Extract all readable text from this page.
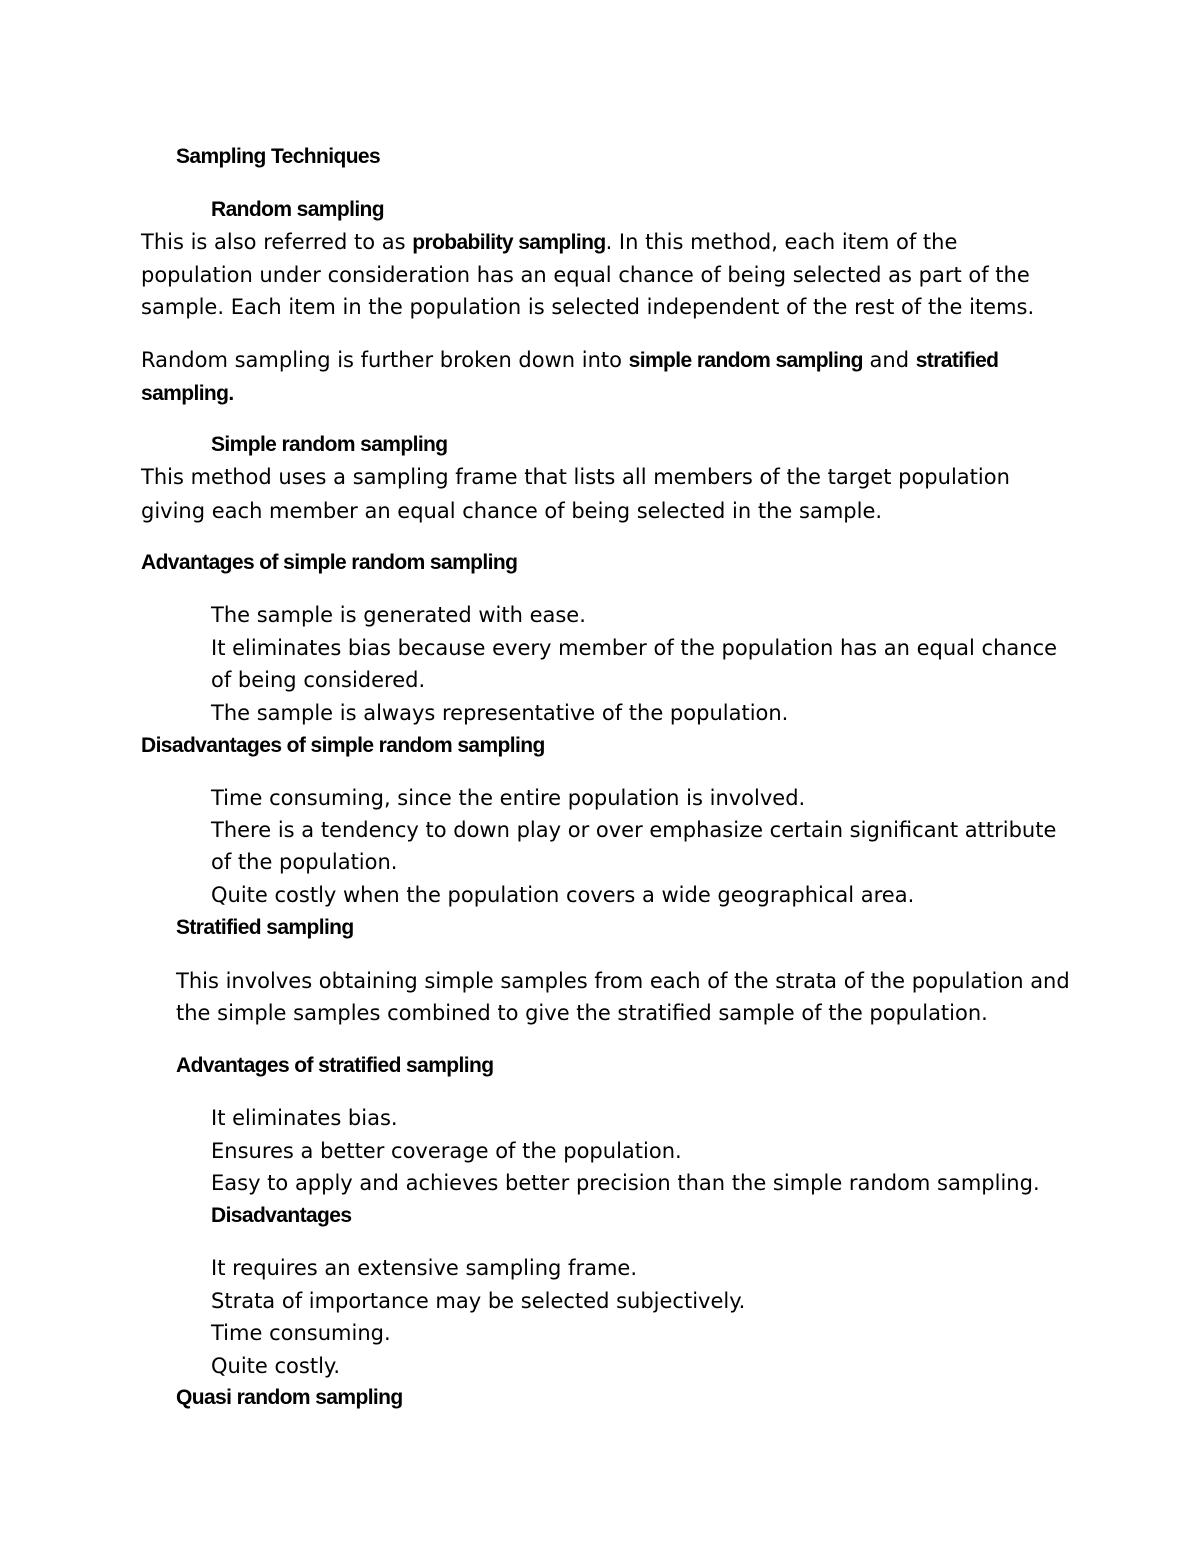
Sampling Techniques
Random sampling
This is also referred to as probability sampling. In this method, each item of the
population under consideration has an equal chance of being selected as part of the
sample. Each item in the population is selected independent of the rest of the items.
Random sampling is further broken down into simple random sampling and stratified
sampling.
Simple random sampling
This method uses a sampling frame that lists all members of the target population
giving each member an equal chance of being selected in the sample.
Advantages of simple random sampling
The sample is generated with ease.
It eliminates bias because every member of the population has an equal chance
of being considered.
The sample is always representative of the population.
Disadvantages of simple random sampling
Time consuming, since the entire population is involved.
There is a tendency to down play or over emphasize certain significant attribute
of the population.
Quite costly when the population covers a wide geographical area.
Stratified sampling
This involves obtaining simple samples from each of the strata of the population and
the simple samples combined to give the stratified sample of the population.
Advantages of stratified sampling
It eliminates bias.
Ensures a better coverage of the population.
Easy to apply and achieves better precision than the simple random sampling.
Disadvantages
It requires an extensive sampling frame.
Strata of importance may be selected subjectively.
Time consuming.
Quite costly.
Quasi random sampling
